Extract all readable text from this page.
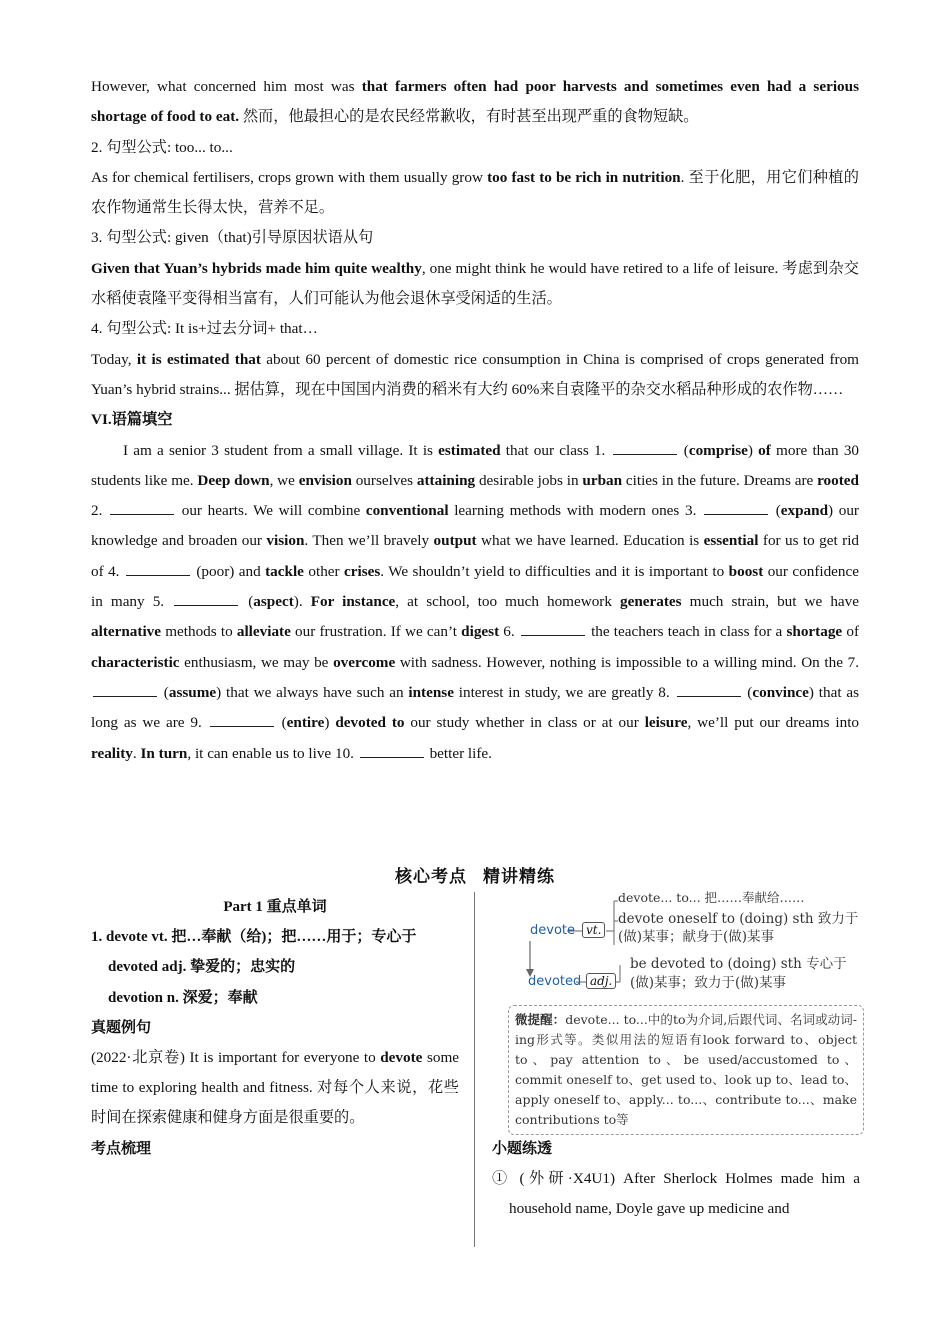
However, what concerned him most was that farmers often had poor harvests and sometimes even had a serious shortage of food to eat. 然而，他最担心的是农民经常歉收，有时甚至出现严重的食物短缺。

2. 句型公式: too... to...

As for chemical fertilisers, crops grown with them usually grow too fast to be rich in nutrition. 至于化肥，用它们种植的农作物通常生长得太快，营养不足。

3. 句型公式: given（that)引导原因状语从句

Given that Yuan’s hybrids made him quite wealthy, one might think he would have retired to a life of leisure. 考虑到杂交水稻使袁隆平变得相当富有，人们可能认为他会退休享受闲适的生活。

4. 句型公式: It is+过去分词+ that…

Today, it is estimated that about 60 percent of domestic rice consumption in China is comprised of crops generated from Yuan’s hybrid strains... 据估算，现在中国国内消费的稻米有大约 60%来自袁隆平的杂交水稻品种形成的农作物……

VI.语篇填空

I am a senior 3 student from a small village. It is estimated that our class 1.	(comprise) of more than 30 students like me. Deep down, we envision ourselves attaining desirable jobs in urban cities in the future. Dreams are rooted 2.	our hearts. We will combine conventional learning methods with modern ones 3.	(expand) our knowledge and broaden our vision. Then we’ll bravely output what we have learned. Education is essential for us to get rid of 4.	(poor) and tackle other crises. We shouldn’t yield to difficulties and it is important to boost our confidence in many 5.	(aspect). For instance, at school, too much homework generates much strain, but we have alternative methods to alleviate our frustration. If we can’t digest 6.	the teachers teach in class for a shortage of characteristic enthusiasm, we may be overcome with sadness. However, nothing is impossible to a willing mind. On the 7.  (assume) that we always have such an intense interest in study, we are greatly 8.	(convince) that as long as we are 9.	(entire) devoted to our study whether in class or at our leisure, we’ll put our dreams into reality. In turn, it can enable us to live 10.	better life.

核心考点 精讲精练

Part 1 重点单词

1. devote vt. 把…奉献（给)；把……用于；专心于

devoted adj. 挚爱的；忠实的

devotion n. 深爱；奉献

真题例句

(2022·北京卷) It is important for everyone to devote some time to exploring health and fitness. 对每个人来说，花些时间在探索健康和健身方面是很重要的。

考点梳理

devote... to... 把……奉献给……
devote vt.
devote oneself to (doing) sth 致力于
(做)某事；献身于(做)某事
be devoted to (doing) sth 专心于
devoted adj. (做)某事；致力于(做)某事
微提醒：devote... to...中的to为介词,后跟代词、名词或动词-ing形式等。类似用法的短语有look forward to、object to、pay attention to、be used/accustomed to、commit oneself to、get used to、look up to、lead to、apply oneself to、apply... to...、contribute to...、make contributions to等

小题练透

① (外研·X4U1) After Sherlock Holmes made him a household name, Doyle gave up medicine and
